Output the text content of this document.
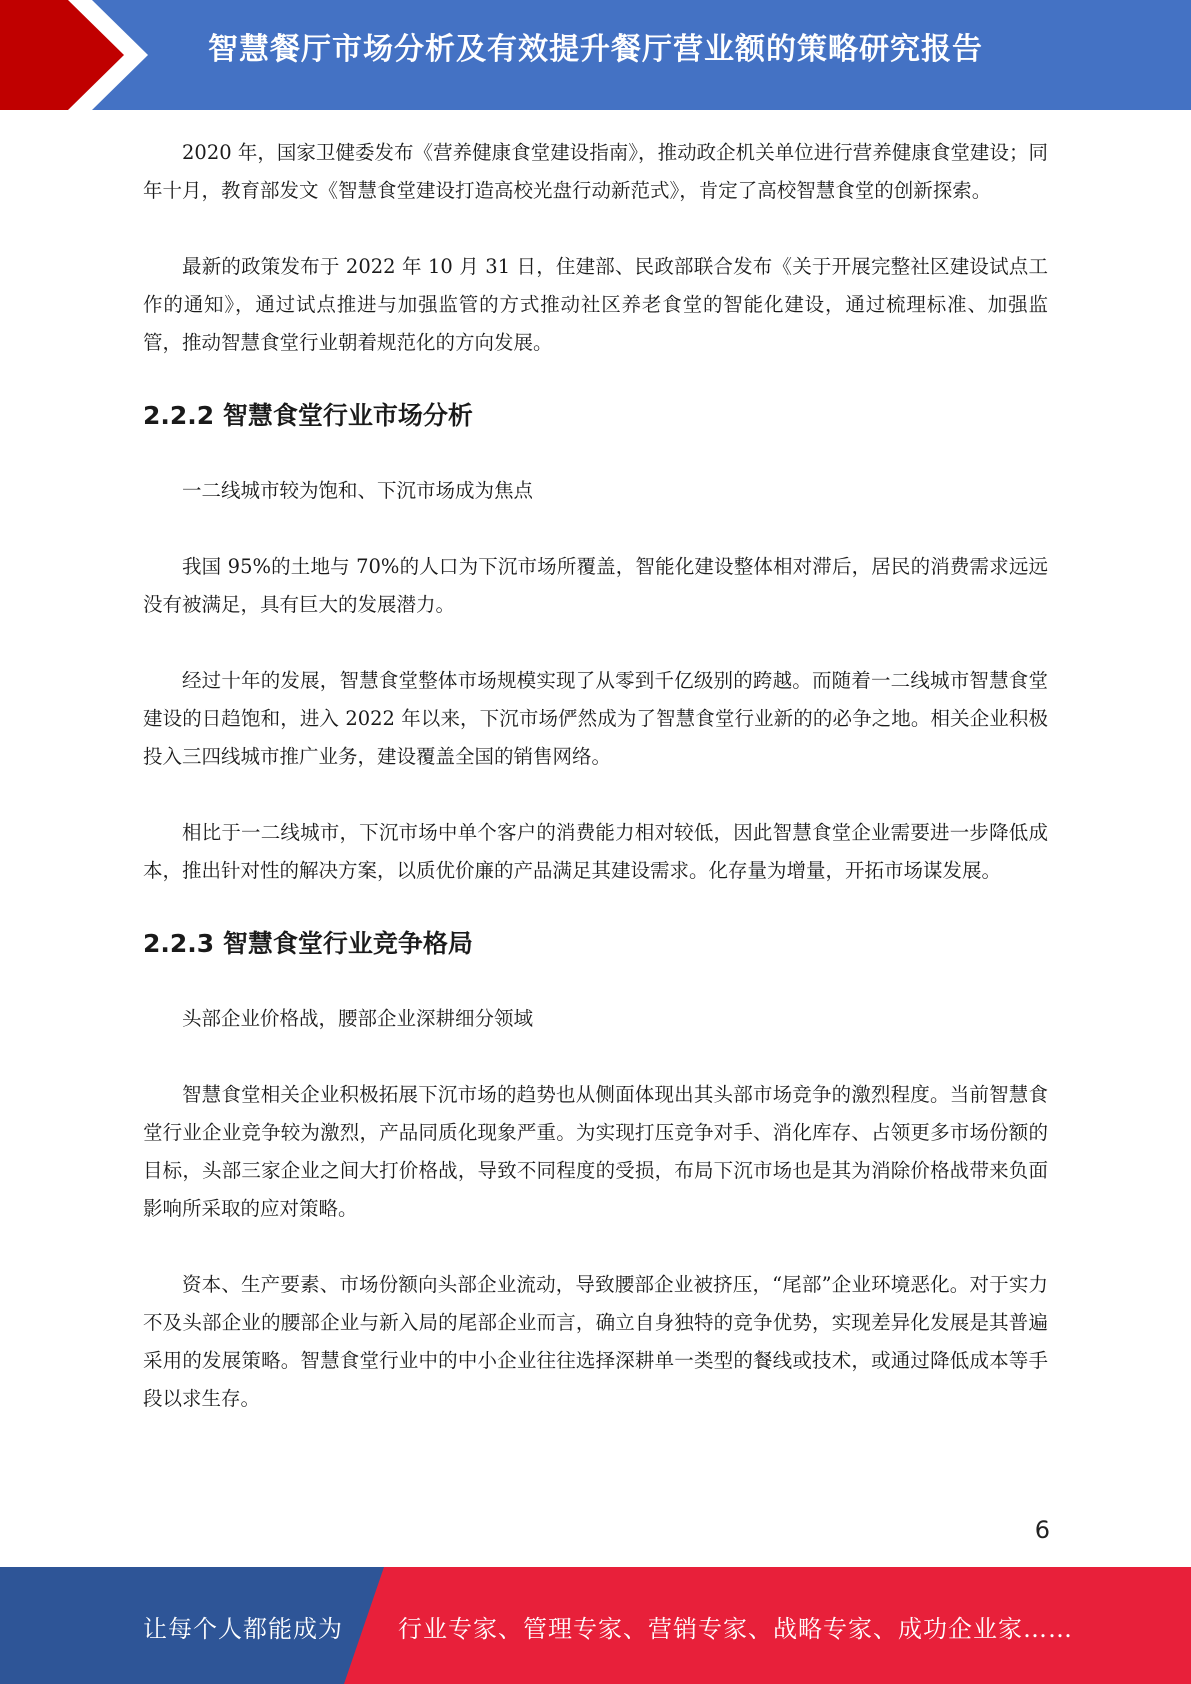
智慧餐厅市场分析及有效提升餐厅营业额的策略研究报告

2020 年，国家卫健委发布《营养健康食堂建设指南》，推动政企机关单位进行营养健康食堂建设；同年十月，教育部发文《智慧食堂建设打造高校光盘行动新范式》，肯定了高校智慧食堂的创新探索。

最新的政策发布于 2022 年 10 月 31 日，住建部、民政部联合发布《关于开展完整社区建设试点工作的通知》，通过试点推进与加强监管的方式推动社区养老食堂的智能化建设，通过梳理标准、加强监管，推动智慧食堂行业朝着规范化的方向发展。

2.2.2 智慧食堂行业市场分析

一二线城市较为饱和、下沉市场成为焦点

我国 95%的土地与 70%的人口为下沉市场所覆盖，智能化建设整体相对滞后，居民的消费需求远远没有被满足，具有巨大的发展潜力。

经过十年的发展，智慧食堂整体市场规模实现了从零到千亿级别的跨越。而随着一二线城市智慧食堂建设的日趋饱和，进入 2022 年以来，下沉市场俨然成为了智慧食堂行业新的的必争之地。相关企业积极投入三四线城市推广业务，建设覆盖全国的销售网络。

相比于一二线城市，下沉市场中单个客户的消费能力相对较低，因此智慧食堂企业需要进一步降低成本，推出针对性的解决方案，以质优价廉的产品满足其建设需求。化存量为增量，开拓市场谋发展。

2.2.3 智慧食堂行业竞争格局

头部企业价格战，腰部企业深耕细分领域

智慧食堂相关企业积极拓展下沉市场的趋势也从侧面体现出其头部市场竞争的激烈程度。当前智慧食堂行业企业竞争较为激烈，产品同质化现象严重。为实现打压竞争对手、消化库存、占领更多市场份额的目标，头部三家企业之间大打价格战，导致不同程度的受损，布局下沉市场也是其为消除价格战带来负面影响所采取的应对策略。

资本、生产要素、市场份额向头部企业流动，导致腰部企业被挤压，“尾部”企业环境恶化。对于实力不及头部企业的腰部企业与新入局的尾部企业而言，确立自身独特的竞争优势，实现差异化发展是其普遍采用的发展策略。智慧食堂行业中的中小企业往往选择深耕单一类型的餐线或技术，或通过降低成本等手段以求生存。

6
让每个人都能成为 行业专家、管理专家、营销专家、战略专家、成功企业家……
